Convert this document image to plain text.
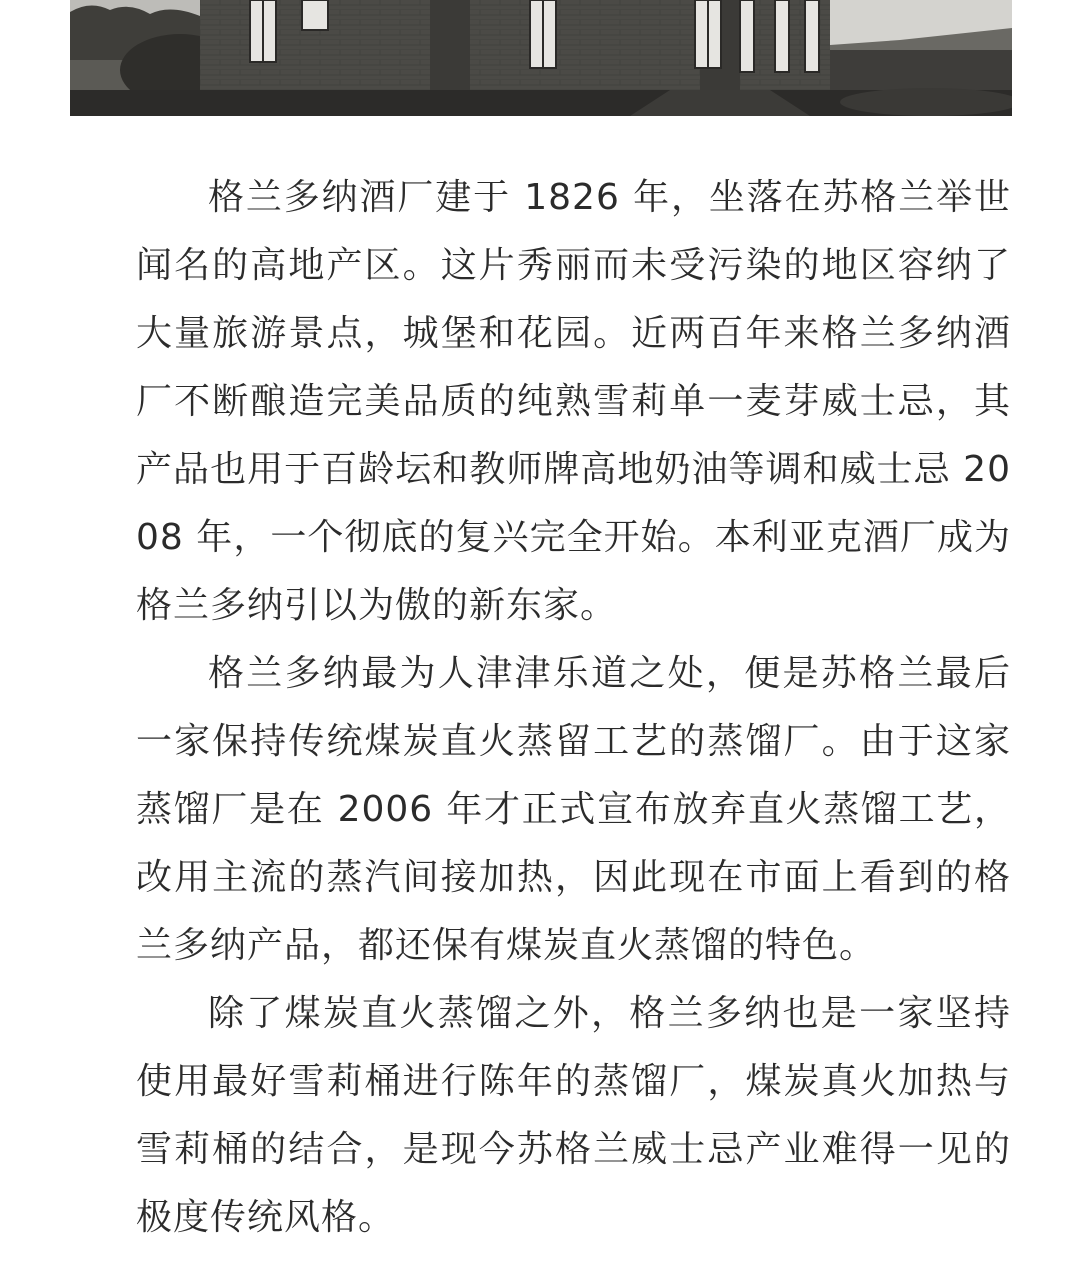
格兰多纳酒厂建于 1826 年，坐落在苏格兰举世闻名的高地产区。这片秀丽而未受污染的地区容纳了大量旅游景点，城堡和花园。近两百年来格兰多纳酒厂不断酿造完美品质的纯熟雪莉单一麦芽威士忌，其产品也用于百龄坛和教师牌高地奶油等调和威士忌 2008 年，一个彻底的复兴完全开始。本利亚克酒厂成为格兰多纳引以为傲的新东家。

格兰多纳最为人津津乐道之处，便是苏格兰最后一家保持传统煤炭直火蒸留工艺的蒸馏厂。由于这家蒸馏厂是在 2006 年才正式宣布放弃直火蒸馏工艺，改用主流的蒸汽间接加热，因此现在市面上看到的格兰多纳产品，都还保有煤炭直火蒸馏的特色。

除了煤炭直火蒸馏之外，格兰多纳也是一家坚持使用最好雪莉桶进行陈年的蒸馏厂，煤炭真火加热与雪莉桶的结合，是现今苏格兰威士忌产业难得一见的极度传统风格。
